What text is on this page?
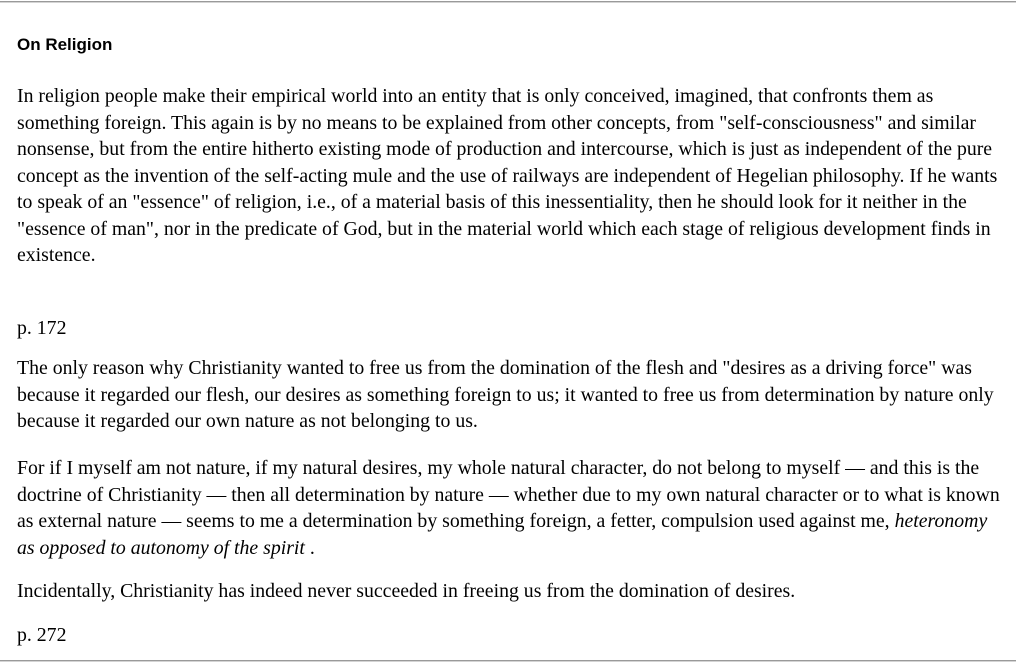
On Religion

In religion people make their empirical world into an entity that is only conceived, imagined, that confronts them as something foreign. This again is by no means to be explained from other concepts, from "self-consciousness" and similar nonsense, but from the entire hitherto existing mode of production and intercourse, which is just as independent of the pure concept as the invention of the self-acting mule and the use of railways are independent of Hegelian philosophy. If he wants to speak of an "essence" of religion, i.e., of a material basis of this inessentiality, then he should look for it neither in the "essence of man", nor in the predicate of God, but in the material world which each stage of religious development finds in existence.

p. 172

The only reason why Christianity wanted to free us from the domination of the flesh and "desires as a driving force" was because it regarded our flesh, our desires as something foreign to us; it wanted to free us from determination by nature only because it regarded our own nature as not belonging to us.

For if I myself am not nature, if my natural desires, my whole natural character, do not belong to myself — and this is the doctrine of Christianity — then all determination by nature — whether due to my own natural character or to what is known as external nature — seems to me a determination by something foreign, a fetter, compulsion used against me, heteronomy as opposed to autonomy of the spirit .

Incidentally, Christianity has indeed never succeeded in freeing us from the domination of desires.

p. 272
